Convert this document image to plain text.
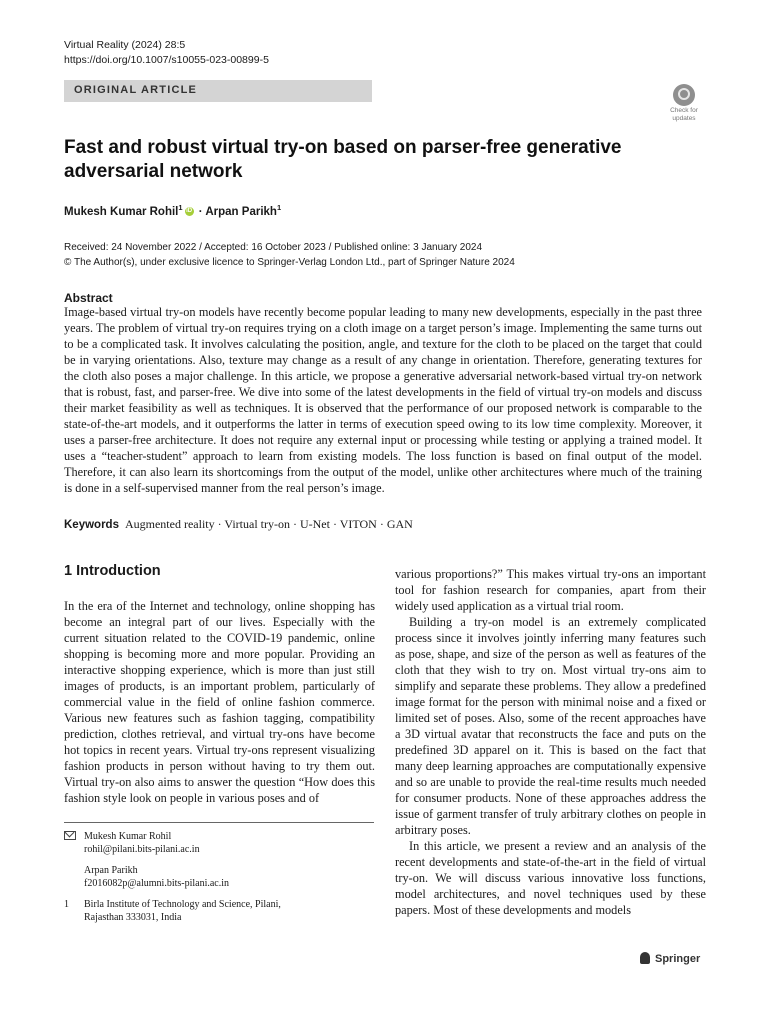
Virtual Reality (2024) 28:5
https://doi.org/10.1007/s10055-023-00899-5
ORIGINAL ARTICLE
Check for
updates
Fast and robust virtual try-on based on parser-free generative adversarial network
Mukesh Kumar Rohil$^1$ iD · Arpan Parikh$^1$
Received: 24 November 2022 / Accepted: 16 October 2023 / Published online: 3 January 2024
© The Author(s), under exclusive licence to Springer-Verlag London Ltd., part of Springer Nature 2024
Abstract
Image-based virtual try-on models have recently become popular leading to many new developments, especially in the past three years. The problem of virtual try-on requires trying on a cloth image on a target person’s image. Implementing the same turns out to be a complicated task. It involves calculating the position, angle, and texture for the cloth to be placed on the target that could be in varying orientations. Also, texture may change as a result of any change in orientation. Therefore, generating textures for the cloth also poses a major challenge. In this article, we propose a generative adversarial network-based virtual try-on network that is robust, fast, and parser-free. We dive into some of the latest developments in the field of virtual try-on models and discuss their market feasibility as well as techniques. It is observed that the performance of our proposed network is comparable to the state-of-the-art models, and it outperforms the latter in terms of execution speed owing to its low time complexity. Moreover, it uses a parser-free architecture. It does not require any external input or processing while testing or applying a trained model. It uses a “teacher-student” approach to learn from existing models. The loss function is based on final output of the model. Therefore, it can also learn its shortcomings from the output of the model, unlike other architectures where much of the training is done in a self-supervised manner from the real person’s image.
Keywords Augmented reality · Virtual try-on · U-Net · VITON · GAN
1 Introduction

In the era of the Internet and technology, online shopping has become an integral part of our lives. Especially with the current situation related to the COVID-19 pandemic, online shopping is becoming more and more popular. Providing an interactive shopping experience, which is more than just still images of products, is an important problem, particularly of commercial value in the field of online fashion commerce. Various new features such as fashion tagging, compatibility prediction, clothes retrieval, and virtual try-ons have become hot topics in recent years. Virtual try-ons represent visualizing fashion products in person without having to try them out. Virtual try-on also aims to answer the question “How does this fashion style look on people in various poses and of

various proportions?” This makes virtual try-ons an important tool for fashion research for companies, apart from their widely used application as a virtual trial room.

Building a try-on model is an extremely complicated process since it involves jointly inferring many features such as pose, shape, and size of the person as well as features of the cloth that they wish to try on. Most virtual try-ons aim to simplify and separate these problems. They allow a predefined image format for the person with minimal noise and a fixed or limited set of poses. Also, some of the recent approaches have a 3D virtual avatar that reconstructs the face and puts on the predefined 3D apparel on it. This is based on the fact that many deep learning approaches are computationally expensive and so are unable to provide the real-time results much needed for consumer products. None of these approaches address the issue of garment transfer of truly arbitrary clothes on people in arbitrary poses.

In this article, we present a review and an analysis of the recent developments and state-of-the-art in the field of virtual try-on. We will discuss various innovative loss functions, model architectures, and novel techniques used by these papers. Most of these developments and models

Mukesh Kumar Rohil
rohil@pilani.bits-pilani.ac.in
Arpan Parikh
f2016082p@alumni.bits-pilani.ac.in
1 Birla Institute of Technology and Science, Pilani,
Rajasthan 333031, India
Springer
